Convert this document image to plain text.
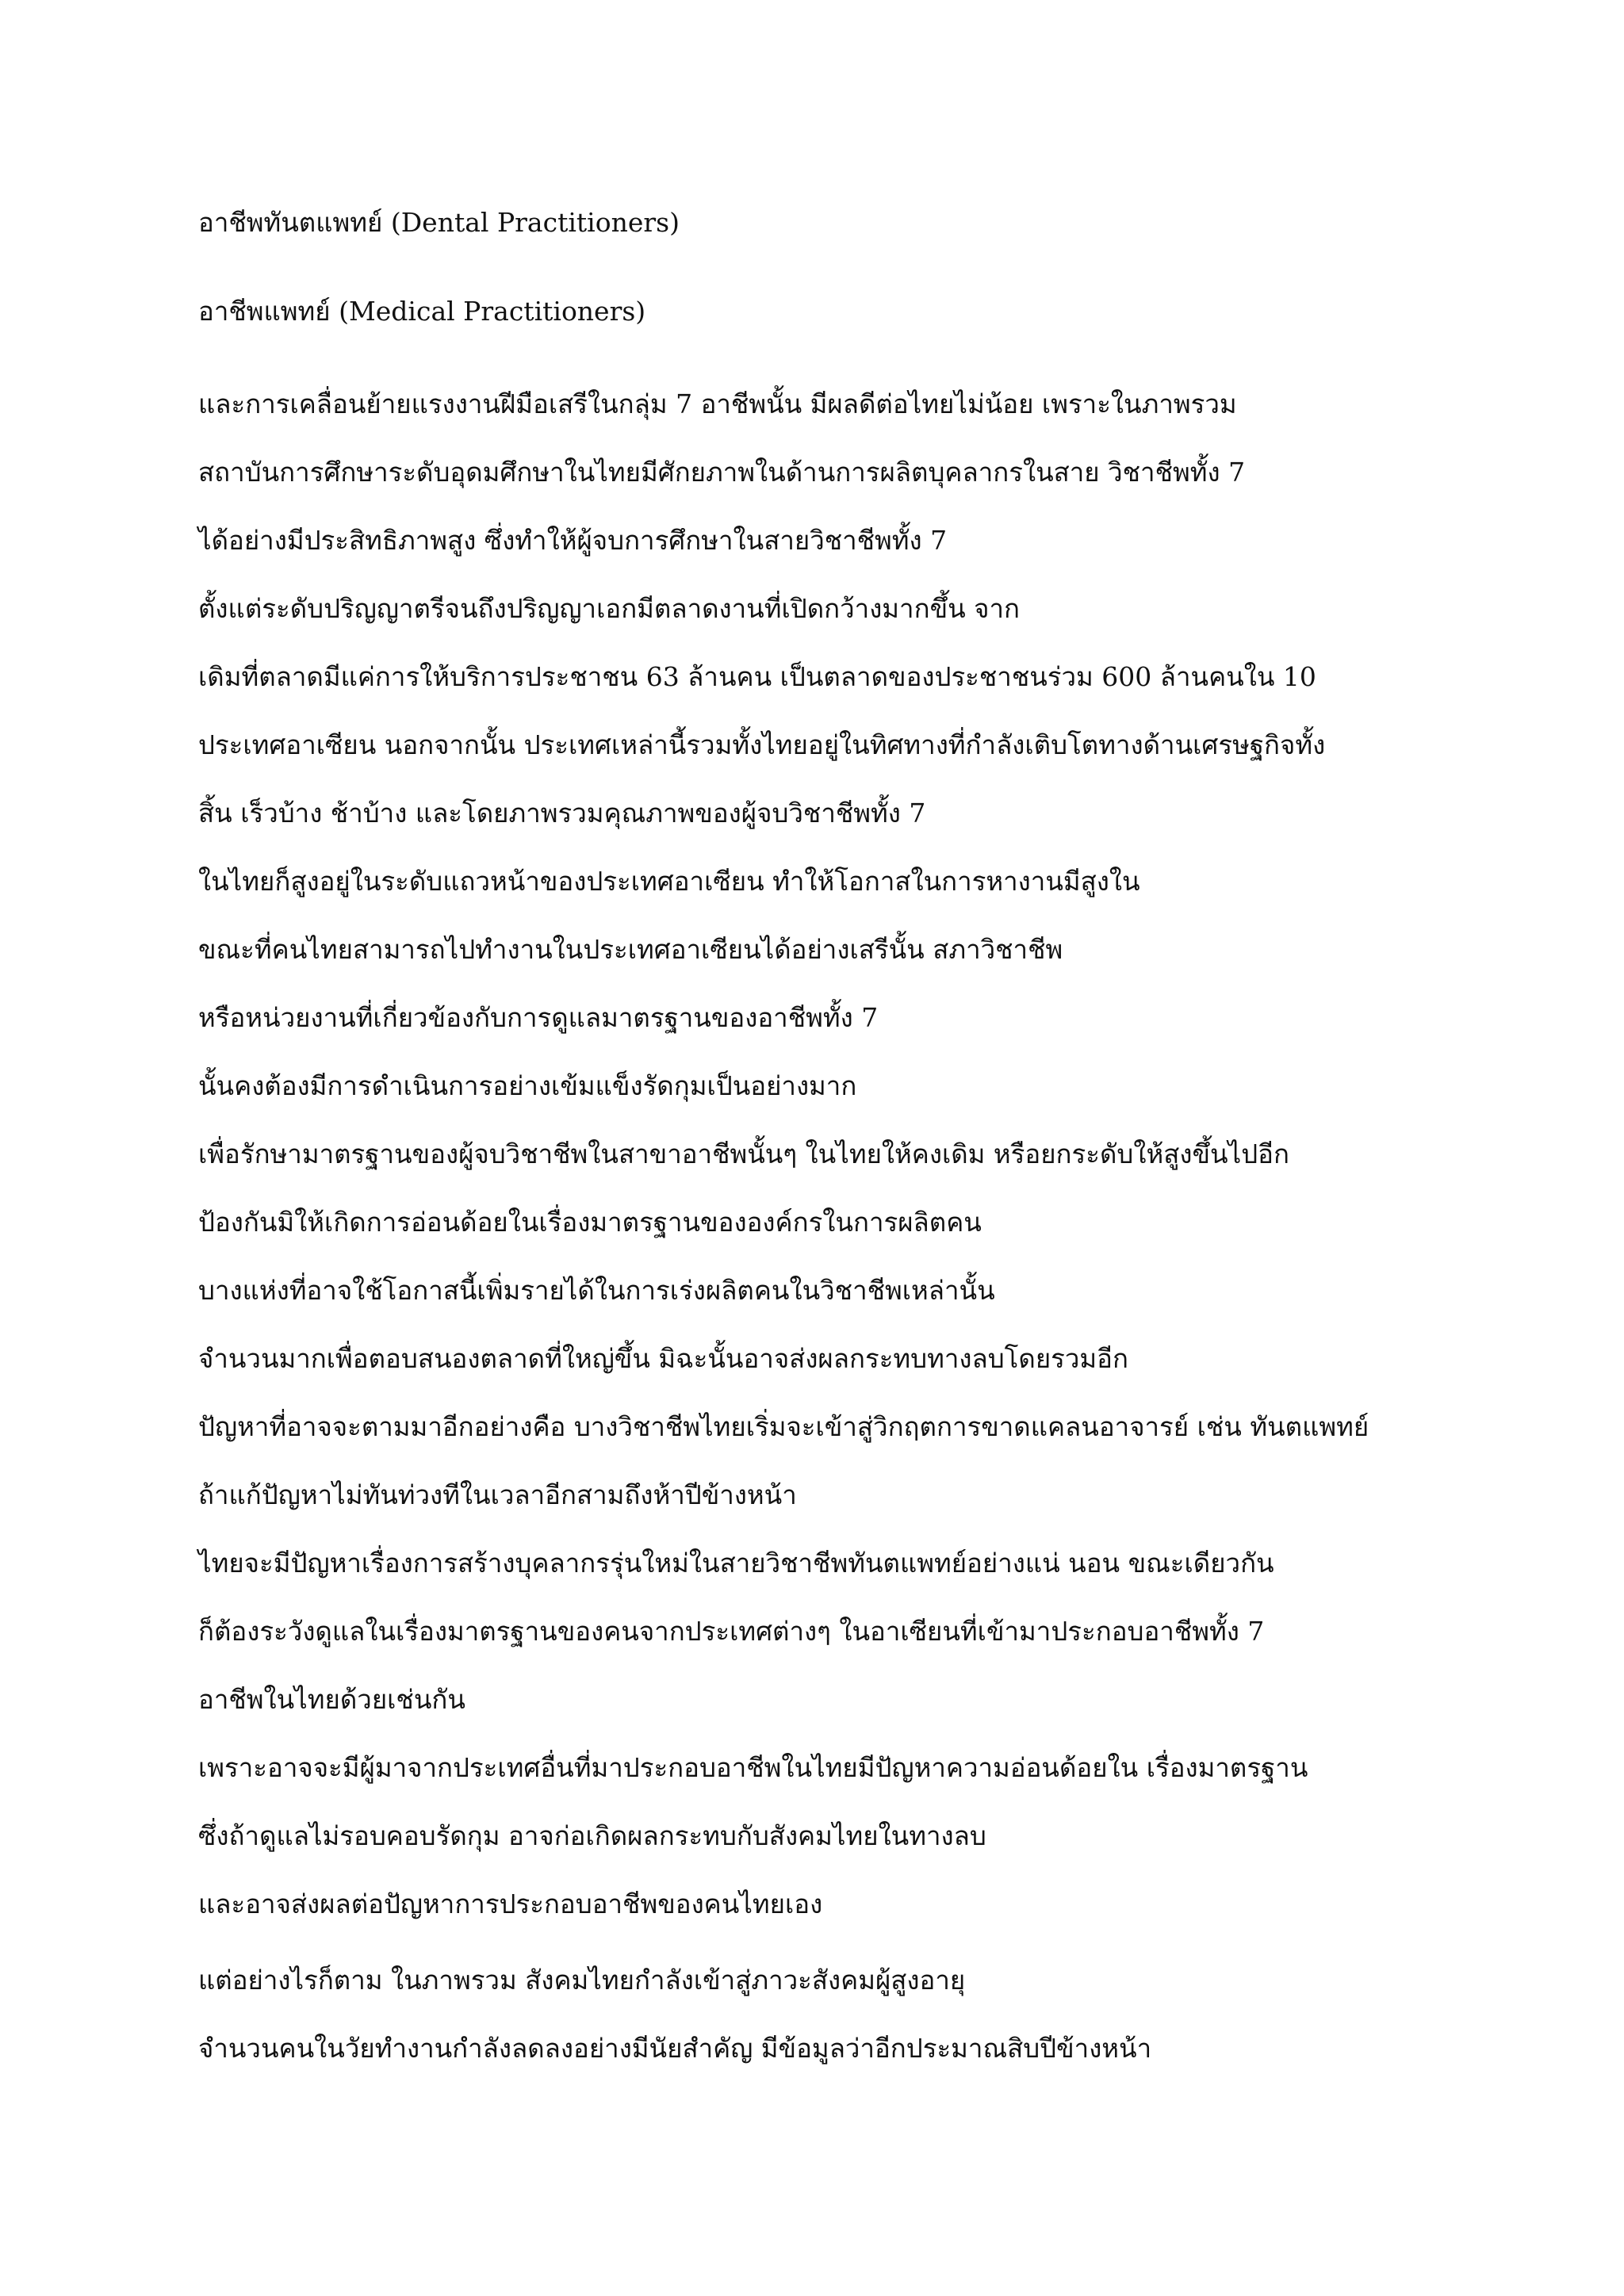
อาชีพทันตแพทย์ (Dental Practitioners)

อาชีพแพทย์ (Medical Practitioners)

และการเคลื่อนย้ายแรงงานฝีมือเสรีในกลุ่ม 7 อาชีพนั้น มีผลดีต่อไทยไม่น้อย เพราะในภาพรวม
สถาบันการศึกษาระดับอุดมศึกษาในไทยมีศักยภาพในด้านการผลิตบุคลากรในสาย วิชาชีพทั้ง 7
ได้อย่างมีประสิทธิภาพสูง ซึ่งทำให้ผู้จบการศึกษาในสายวิชาชีพทั้ง 7
ตั้งแต่ระดับปริญญาตรีจนถึงปริญญาเอกมีตลาดงานที่เปิดกว้างมากขึ้น จาก
เดิมที่ตลาดมีแค่การให้บริการประชาชน 63 ล้านคน เป็นตลาดของประชาชนร่วม 600 ล้านคนใน 10
ประเทศอาเซียน นอกจากนั้น ประเทศเหล่านี้รวมทั้งไทยอยู่ในทิศทางที่กำลังเติบโตทางด้านเศรษฐกิจทั้ง
สิ้น เร็วบ้าง ช้าบ้าง และโดยภาพรวมคุณภาพของผู้จบวิชาชีพทั้ง 7
ในไทยก็สูงอยู่ในระดับแถวหน้าของประเทศอาเซียน ทำให้โอกาสในการหางานมีสูงใน
ขณะที่คนไทยสามารถไปทำงานในประเทศอาเซียนได้อย่างเสรีนั้น สภาวิชาชีพ
หรือหน่วยงานที่เกี่ยวข้องกับการดูแลมาตรฐานของอาชีพทั้ง 7
นั้นคงต้องมีการดำเนินการอย่างเข้มแข็งรัดกุมเป็นอย่างมาก
เพื่อรักษามาตรฐานของผู้จบวิชาชีพในสาขาอาชีพนั้นๆ ในไทยให้คงเดิม หรือยกระดับให้สูงขึ้นไปอีก
ป้องกันมิให้เกิดการอ่อนด้อยในเรื่องมาตรฐานขององค์กรในการผลิตคน
บางแห่งที่อาจใช้โอกาสนี้เพิ่มรายได้ในการเร่งผลิตคนในวิชาชีพเหล่านั้น
จำนวนมากเพื่อตอบสนองตลาดที่ใหญ่ขึ้น มิฉะนั้นอาจส่งผลกระทบทางลบโดยรวมอีก
ปัญหาที่อาจจะตามมาอีกอย่างคือ บางวิชาชีพไทยเริ่มจะเข้าสู่วิกฤตการขาดแคลนอาจารย์ เช่น ทันตแพทย์
ถ้าแก้ปัญหาไม่ทันท่วงทีในเวลาอีกสามถึงห้าปีข้างหน้า
ไทยจะมีปัญหาเรื่องการสร้างบุคลากรรุ่นใหม่ในสายวิชาชีพทันตแพทย์อย่างแน่ นอน ขณะเดียวกัน
ก็ต้องระวังดูแลในเรื่องมาตรฐานของคนจากประเทศต่างๆ ในอาเซียนที่เข้ามาประกอบอาชีพทั้ง 7
อาชีพในไทยด้วยเช่นกัน
เพราะอาจจะมีผู้มาจากประเทศอื่นที่มาประกอบอาชีพในไทยมีปัญหาความอ่อนด้อยใน เรื่องมาตรฐาน
ซึ่งถ้าดูแลไม่รอบคอบรัดกุม อาจก่อเกิดผลกระทบกับสังคมไทยในทางลบ
และอาจส่งผลต่อปัญหาการประกอบอาชีพของคนไทยเอง
แต่อย่างไรก็ตาม ในภาพรวม สังคมไทยกำลังเข้าสู่ภาวะสังคมผู้สูงอายุ
จำนวนคนในวัยทำงานกำลังลดลงอย่างมีนัยสำคัญ มีข้อมูลว่าอีกประมาณสิบปีข้างหน้า
